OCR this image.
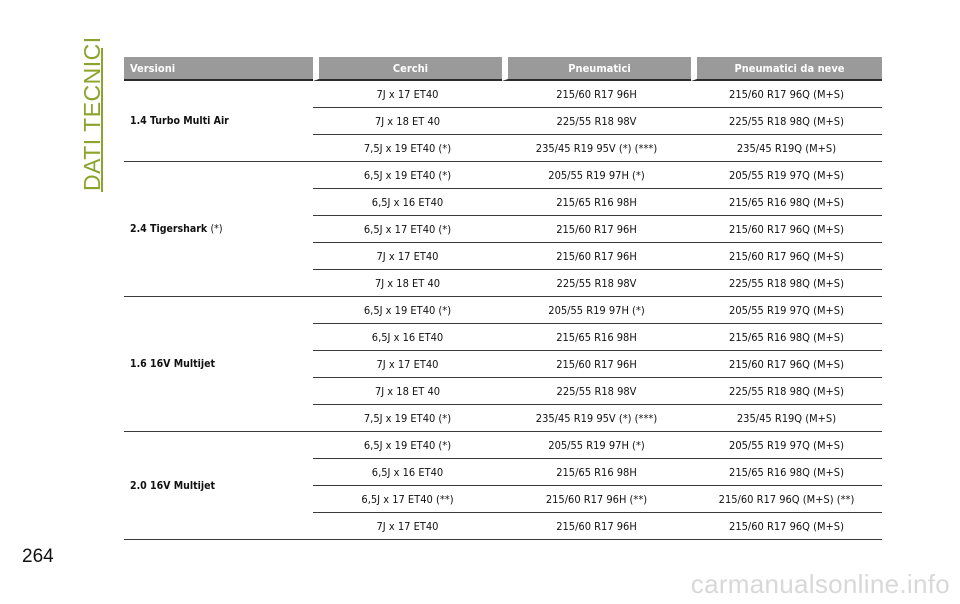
DATI TECNICI Versioni	Cerchi	Pneumatici	Pneumatici da neve
1.4 Turbo Multi Air	7J x 17 ET40	215/60 R17 96H	215/60 R17 96Q (M+S)
	7J x 18 ET 40	225/55 R18 98V	225/55 R18 98Q (M+S)
	7,5J x 19 ET40 (*)	235/45 R19 95V (*) (***)	235/45 R19Q (M+S)
2.4 Tigershark (*)	6,5J x 19 ET40 (*)	205/55 R19 97H (*)	205/55 R19 97Q (M+S)
	6,5J x 16 ET40	215/65 R16 98H	215/65 R16 98Q (M+S)
	6,5J x 17 ET40 (*)	215/60 R17 96H	215/60 R17 96Q (M+S)
	7J x 17 ET40	215/60 R17 96H	215/60 R17 96Q (M+S)
	7J x 18 ET 40	225/55 R18 98V	225/55 R18 98Q (M+S)
1.6 16V Multijet	6,5J x 19 ET40 (*)	205/55 R19 97H (*)	205/55 R19 97Q (M+S)
	6,5J x 16 ET40	215/65 R16 98H	215/65 R16 98Q (M+S)
	7J x 17 ET40	215/60 R17 96H	215/60 R17 96Q (M+S)
	7J x 18 ET 40	225/55 R18 98V	225/55 R18 98Q (M+S)
	7,5J x 19 ET40 (*)	235/45 R19 95V (*) (***)	235/45 R19Q (M+S)
2.0 16V Multijet	6,5J x 19 ET40 (*)	205/55 R19 97H (*)	205/55 R19 97Q (M+S)
	6,5J x 16 ET40	215/65 R16 98H	215/65 R16 98Q (M+S)
	6,5J x 17 ET40 (**)	215/60 R17 96H (**)	215/60 R17 96Q (M+S) (**)
	7J x 17 ET40	215/60 R17 96H	215/60 R17 96Q (M+S)
264
carmanualsonline.info
